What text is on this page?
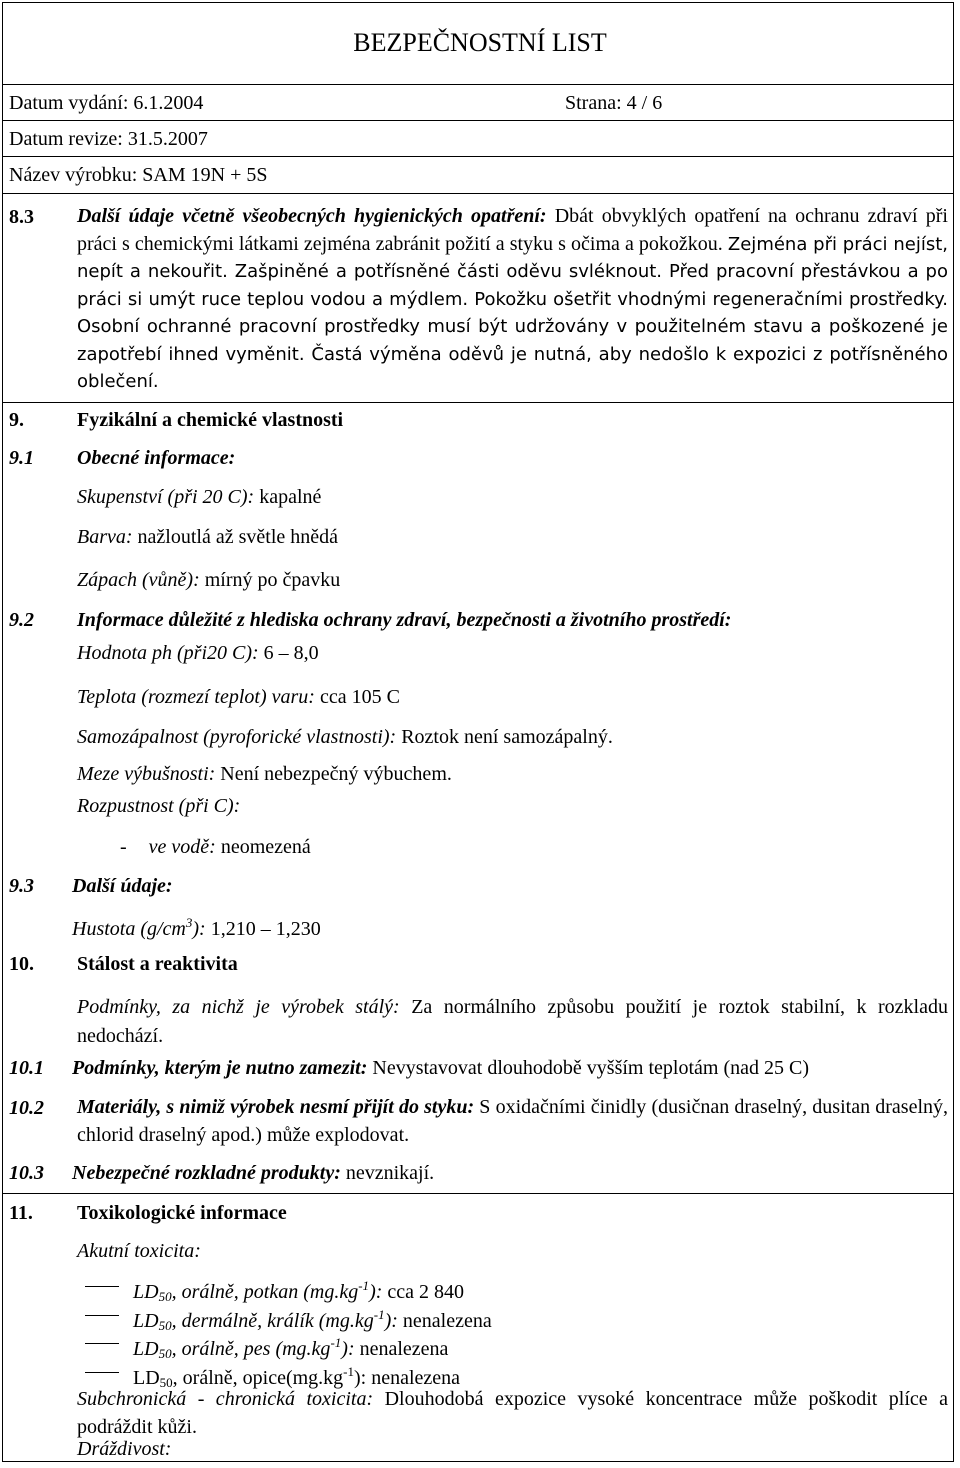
BEZPEČNOSTNÍ LIST
Datum vydání: 6.1.2004	Strana: 4 / 6
Datum revize: 31.5.2007
Název výrobku: SAM 19N + 5S
8.3 Další údaje včetně všeobecných hygienických opatření: Dbát obvyklých opatření na ochranu zdraví při práci s chemickými látkami zejména zabránit požití a styku s očima a pokožkou. Zejména při práci nejíst, nepít a nekouřit. Zašpiněné a potřísněné části oděvu svléknout. Před pracovní přestávkou a po práci si umýt ruce teplou vodou a mýdlem. Pokožku ošetřit vhodnými regeneračními prostředky. Osobní ochranné pracovní prostředky musí být udržovány v použitelném stavu a poškozené je zapotřebí ihned vyměnit. Častá výměna oděvů je nutná, aby nedošlo k expozici z potřísněného oblečení.
9.	Fyzikální a chemické vlastnosti
9.1 Obecné informace:
Skupenství (při 20 C): kapalné
Barva: nažloutlá až světle hnědá
Zápach (vůně): mírný po čpavku
9.2 Informace důležité z hlediska ochrany zdraví, bezpečnosti a životního prostředí:
Hodnota ph (při20 C): 6 – 8,0
Teplota (rozmezí teplot) varu: cca 105 C
Samozápalnost (pyroforické vlastnosti): Roztok není samozápalný.
Meze výbušnosti: Není nebezpečný výbuchem.
Rozpustnost (při C):
- ve vodě: neomezená
9.3 Další údaje:
Hustota $(g/cm^3)$: 1,210 – 1,230
10. Stálost a reaktivita
Podmínky, za nichž je výrobek stálý: Za normálního způsobu použití je roztok stabilní, k rozkladu nedochází.
10.1 Podmínky, kterým je nutno zamezit: Nevystavovat dlouhodobě vyšším teplotám (nad 25 C)
10.2 Materiály, s nimiž výrobek nesmí přijít do styku: S oxidačními činidly (dusičnan draselný, dusitan draselný, chlorid draselný apod.) může explodovat.
10.3 Nebezpečné rozkladné produkty: nevznikají.
11. Toxikologické informace
Akutní toxicita:
$LD_{50}$, orálně, potkan $(mg.kg^{-1})$: cca 2 840
$LD_{50}$, dermálně, králík $(mg.kg^{-1})$: nenalezena
$LD_{50}$, orálně, pes $(mg.kg^{-1})$: nenalezena
$LD_{50}$, orálně, $opice(mg.kg^{-1})$: nenalezena
Subchronická - chronická toxicita: Dlouhodobá expozice vysoké koncentrace může poškodit plíce a podráždit kůži.
Dráždivost:
